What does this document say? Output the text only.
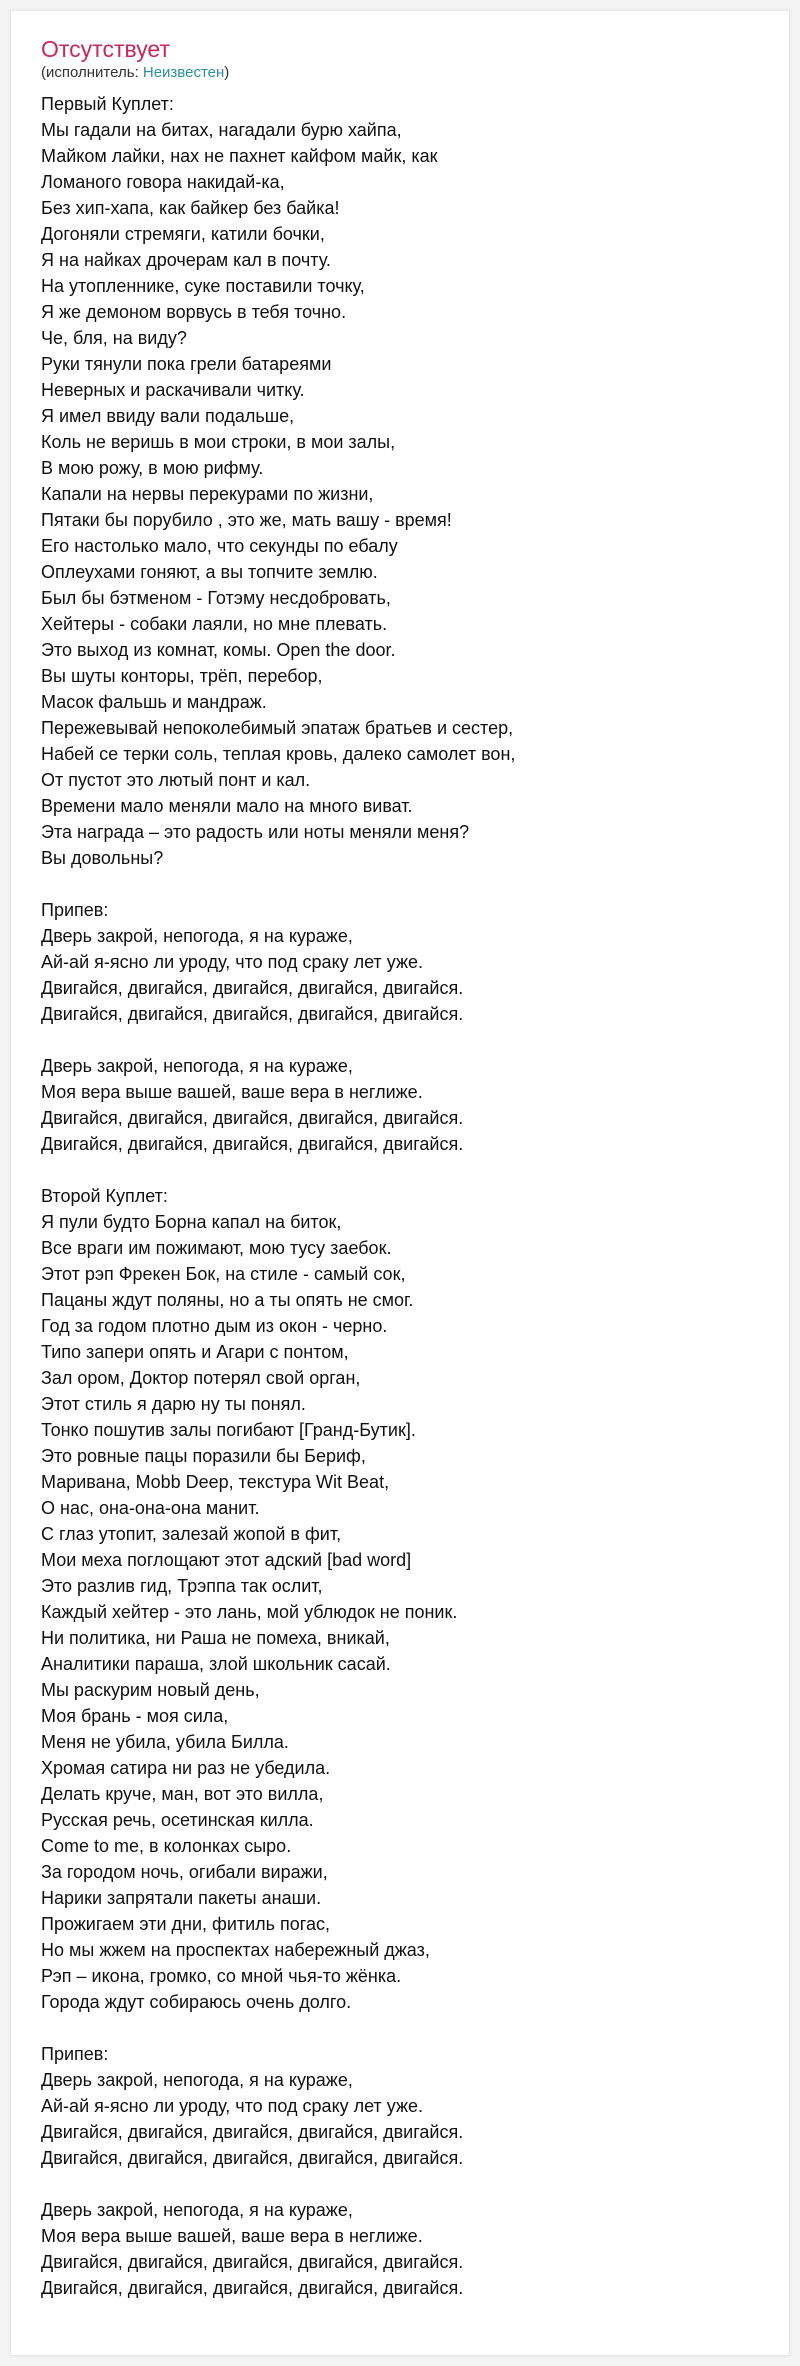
Отсутствует
(исполнитель: Неизвестен)
Первый Куплет:
Мы гадали на битах, нагадали бурю хайпа,
Майком лайки, нах не пахнет кайфом майк, как
Ломаного говора накидай-ка,
Без хип-хапа, как байкер без байка!
Догоняли стремяги, катили бочки,
Я на найках дрочерам кал в почту.
На утопленнике, суке поставили точку,
Я же демоном ворвусь в тебя точно.
Че, бля, на виду?
Руки тянули пока грели батареями
Неверных и раскачивали читку.
Я имел ввиду вали подальше,
Коль не веришь в мои строки, в мои залы,
В мою рожу, в мою рифму.
Капали на нервы перекурами по жизни,
Пятаки бы порубило , это же, мать вашу - время!
Его настолько мало, что секунды по ебалу
Оплеухами гоняют, а вы топчите землю.
Был бы бэтменом - Готэму несдобровать,
Хейтеры - собаки лаяли, но мне плевать.
Это выход из комнат, комы. Open the door.
Вы шуты конторы, трёп, перебор,
Масок фальшь и мандраж.
Пережевывай непоколебимый эпатаж братьев и сестер,
Набей се терки соль, теплая кровь, далеко самолет вон,
От пустот это лютый понт и кал.
Времени мало меняли мало на много виват.
Эта награда – это радость или ноты меняли меня?
Вы довольны?

Припев:
Дверь закрой, непогода, я на кураже,
Ай-ай я-ясно ли уроду, что под сраку лет уже.
Двигайся, двигайся, двигайся, двигайся, двигайся.
Двигайся, двигайся, двигайся, двигайся, двигайся.

Дверь закрой, непогода, я на кураже,
Моя вера выше вашей, ваше вера в неглиже.
Двигайся, двигайся, двигайся, двигайся, двигайся.
Двигайся, двигайся, двигайся, двигайся, двигайся.

Второй Куплет:
Я пули будто Борна капал на биток,
Все враги им пожимают, мою тусу заебок.
Этот рэп Фрекен Бок, на стиле - самый сок,
Пацаны ждут поляны, но а ты опять не смог.
Год за годом плотно дым из окон - черно.
Типо запери опять и Агари с понтом,
Зал ором, Доктор потерял свой орган,
Этот стиль я дарю ну ты понял.
Тонко пошутив залы погибают [Гранд-Бутик].
Это ровные пацы поразили бы Бериф,
Маривана, Mobb Deep, текстура Wit Beat,
О нас, она-она-она манит.
С глаз утопит, залезай жопой в фит,
Мои меха поглощают этот адский [bad word]
Это разлив гид, Трэппа так ослит,
Каждый хейтер - это лань, мой ублюдок не поник.
Ни политика, ни Раша не помеха, вникай,
Аналитики параша, злой школьник сасай.
Мы раскурим новый день,
Моя брань - моя сила,
Меня не убила, убила Билла.
Хромая сатира ни раз не убедила.
Делать круче, ман, вот это вилла,
Русская речь, осетинская килла.
Come to me, в колонках сыро.
За городом ночь, огибали виражи,
Нарики запрятали пакеты анаши.
Прожигаем эти дни, фитиль погас,
Но мы жжем на проспектах набережный джаз,
Рэп – икона, громко, со мной чья-то жёнка.
Города ждут собираюсь очень долго.

Припев:
Дверь закрой, непогода, я на кураже,
Ай-ай я-ясно ли уроду, что под сраку лет уже.
Двигайся, двигайся, двигайся, двигайся, двигайся.
Двигайся, двигайся, двигайся, двигайся, двигайся.

Дверь закрой, непогода, я на кураже,
Моя вера выше вашей, ваше вера в неглиже.
Двигайся, двигайся, двигайся, двигайся, двигайся.
Двигайся, двигайся, двигайся, двигайся, двигайся.
